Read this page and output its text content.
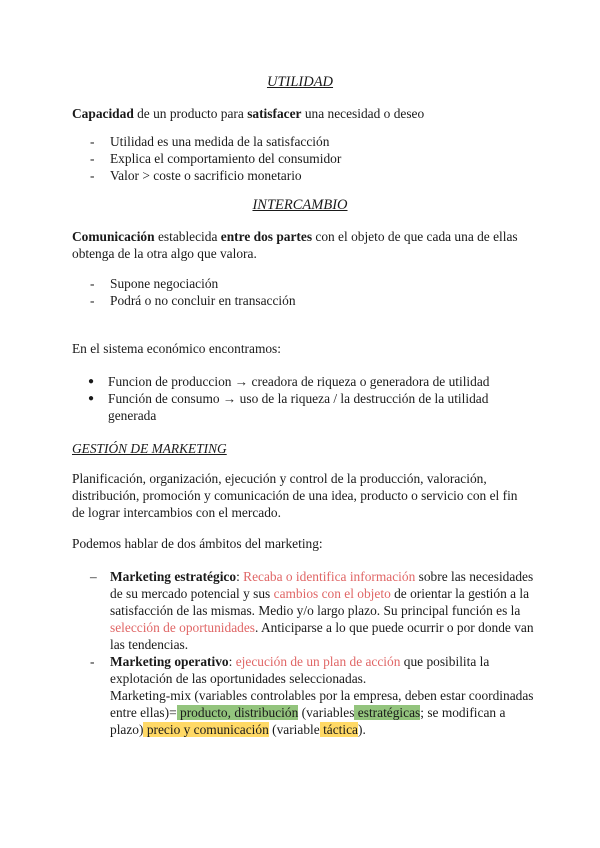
UTILIDAD
Capacidad de un producto para satisfacer una necesidad o deseo
- Utilidad es una medida de la satisfacción
- Explica el comportamiento del consumidor
- Valor > coste o sacrificio monetario
INTERCAMBIO
Comunicación establecida entre dos partes con el objeto de que cada una de ellas obtenga de la otra algo que valora.
- Supone negociación
- Podrá o no concluir en transacción
En el sistema económico encontramos:
● Funcion de produccion → creadora de riqueza o generadora de utilidad
● Función de consumo → uso de la riqueza / la destrucción de la utilidad generada
GESTIÓN DE MARKETING
Planificación, organización, ejecución y control de la producción, valoración, distribución, promoción y comunicación de una idea, producto o servicio con el fin de lograr intercambios con el mercado.
Podemos hablar de dos ámbitos del marketing:
– Marketing estratégico: Recaba o identifica información sobre las necesidades de su mercado potencial y sus cambios con el objeto de orientar la gestión a la satisfacción de las mismas. Medio y/o largo plazo. Su principal función es la selección de oportunidades. Anticiparse a lo que puede ocurrir o por donde van las tendencias.
- Marketing operativo: ejecución de un plan de acción que posibilita la explotación de las oportunidades seleccionadas.
Marketing-mix (variables controlables por la empresa, deben estar coordinadas entre ellas)= producto, distribución (variables estratégicas; se modifican a plazo) precio y comunicación (variable táctica).
